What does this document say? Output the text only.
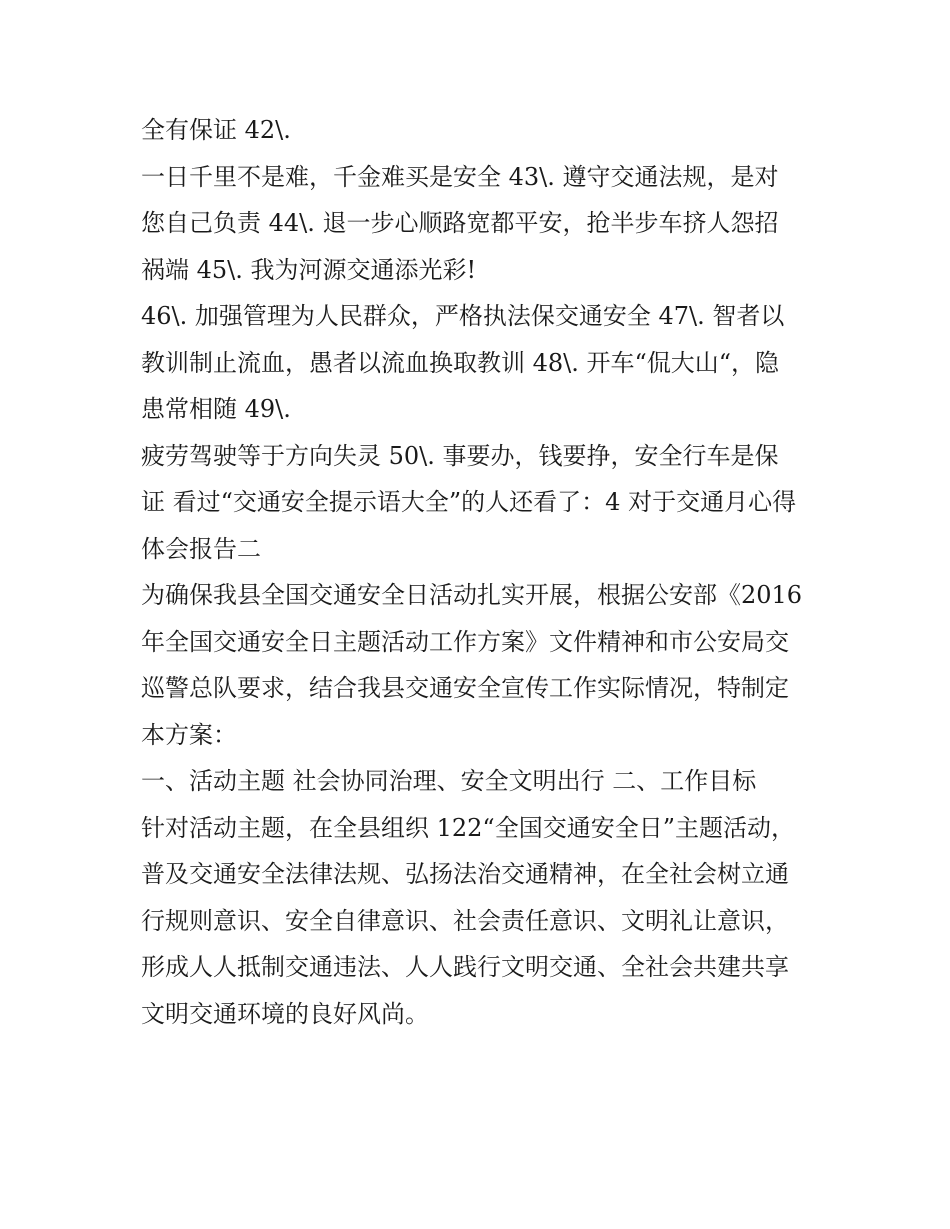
全有保证 42\.
一日千里不是难，千金难买是安全 43\. 遵守交通法规，是对
您自己负责 44\. 退一步心顺路宽都平安，抢半步车挤人怨招
祸端 45\. 我为河源交通添光彩!
46\. 加强管理为人民群众，严格执法保交通安全 47\. 智者以
教训制止流血，愚者以流血换取教训 48\. 开车“侃大山“，隐
患常相随 49\.
疲劳驾驶等于方向失灵 50\. 事要办，钱要挣，安全行车是保
证 看过“交通安全提示语大全”的人还看了：4 对于交通月心得
体会报告二
为确保我县全国交通安全日活动扎实开展，根据公安部《2016
年全国交通安全日主题活动工作方案》文件精神和市公安局交
巡警总队要求，结合我县交通安全宣传工作实际情况，特制定
本方案：
一、活动主题 社会协同治理、安全文明出行 二、工作目标
针对活动主题，在全县组织 122“全国交通安全日”主题活动，
普及交通安全法律法规、弘扬法治交通精神，在全社会树立通
行规则意识、安全自律意识、社会责任意识、文明礼让意识，
形成人人抵制交通违法、人人践行文明交通、全社会共建共享
文明交通环境的良好风尚。
